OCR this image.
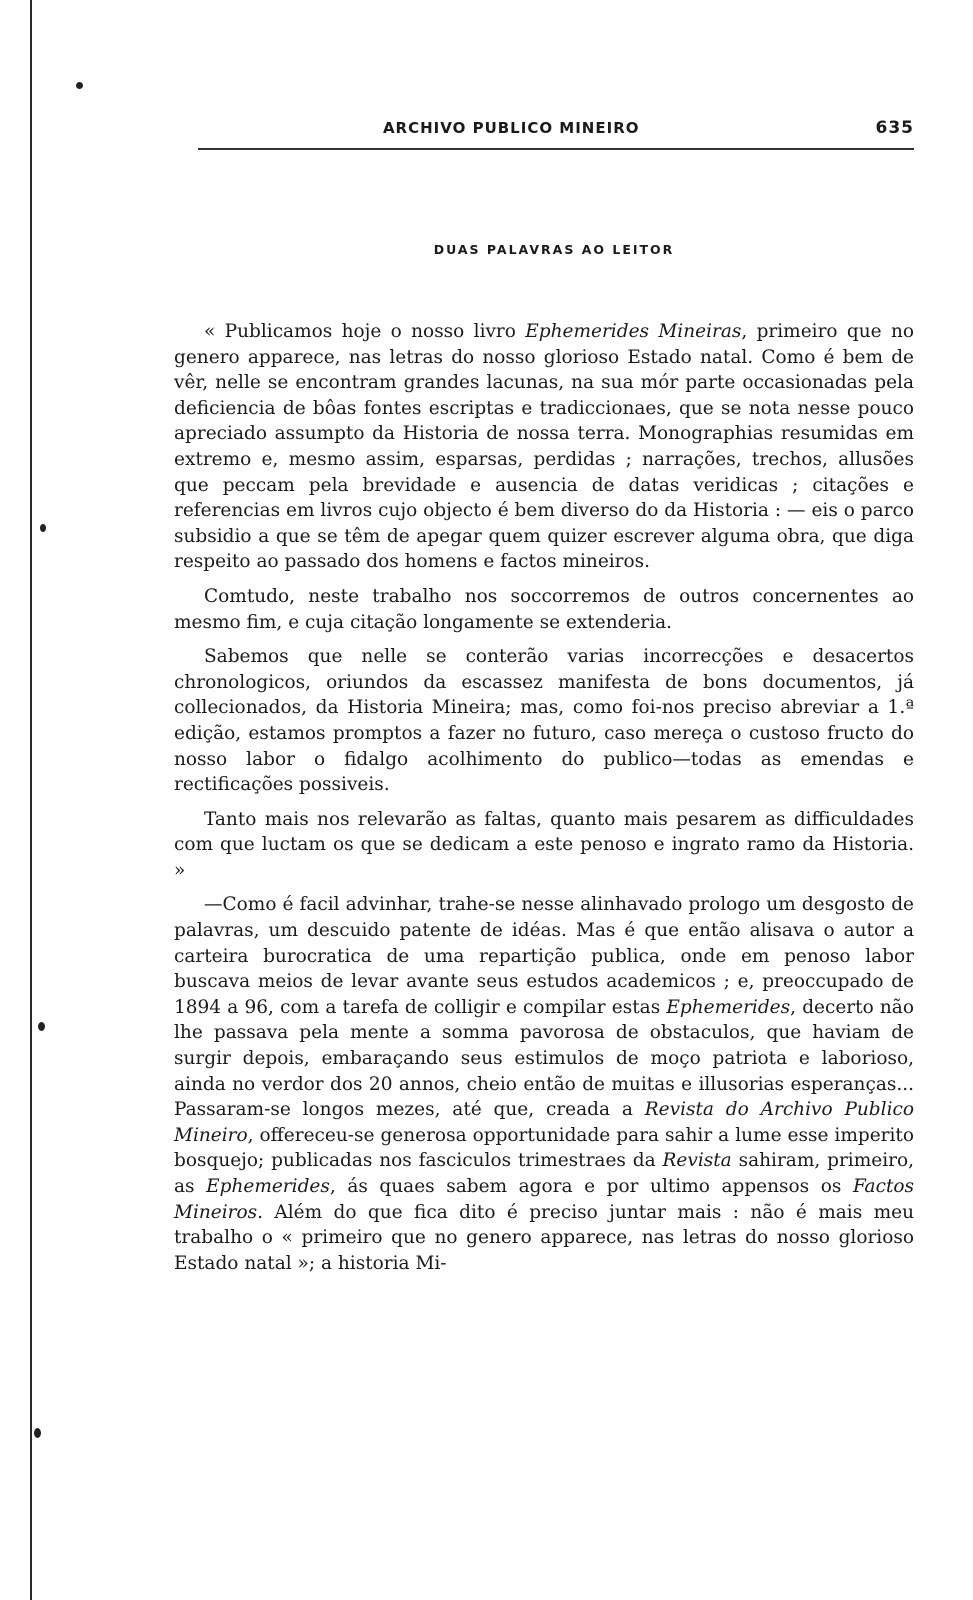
ARCHIVO PUBLICO MINEIRO	635
DUAS PALAVRAS AO LEITOR

« Publicamos hoje o nosso livro Ephemerides Mineiras, primeiro que no genero apparece, nas letras do nosso glorioso Estado natal. Como é bem de vêr, nelle se encontram grandes lacunas, na sua mór parte occasionadas pela deficiencia de bôas fontes escriptas e tradiccionaes, que se nota nesse pouco apreciado assumpto da Historia de nossa terra. Monographias resumidas em extremo e, mesmo assim, esparsas, perdidas ; narrações, trechos, allusões que peccam pela brevidade e ausencia de datas veridicas ; citações e referencias em livros cujo objecto é bem diverso do da Historia : — eis o parco subsidio a que se têm de apegar quem quizer escrever alguma obra, que diga respeito ao passado dos homens e factos mineiros.

Comtudo, neste trabalho nos soccorremos de outros concernentes ao mesmo fim, e cuja citação longamente se extenderia.

Sabemos que nelle se conterão varias incorrecções e desacertos chronologicos, oriundos da escassez manifesta de bons documentos, já collecionados, da Historia Mineira; mas, como foi-nos preciso abreviar a 1.ª edição, estamos promptos a fazer no futuro, caso mereça o custoso fructo do nosso labor o fidalgo acolhimento do publico—todas as emendas e rectificações possiveis.

Tanto mais nos relevarão as faltas, quanto mais pesarem as difficuldades com que luctam os que se dedicam a este penoso e ingrato ramo da Historia. »

—Como é facil advinhar, trahe-se nesse alinhavado prologo um desgosto de palavras, um descuido patente de idéas. Mas é que então alisava o autor a carteira burocratica de uma repartição publica, onde em penoso labor buscava meios de levar avante seus estudos academicos ; e, preoccupado de 1894 a 96, com a tarefa de colligir e compilar estas Ephemerides, decerto não lhe passava pela mente a somma pavorosa de obstaculos, que haviam de surgir depois, embaraçando seus estimulos de moço patriota e laborioso, ainda no verdor dos 20 annos, cheio então de muitas e illusorias esperanças... Passaram-se longos mezes, até que, creada a Revista do Archivo Publico Mineiro, offereceu-se generosa opportunidade para sahir a lume esse imperito bosquejo; publicadas nos fasciculos trimestraes da Revista sahiram, primeiro, as Ephemerides, ás quaes sabem agora e por ultimo appensos os Factos Mineiros. Além do que fica dito é preciso juntar mais : não é mais meu trabalho o « primeiro que no genero apparece, nas letras do nosso glorioso Estado natal »; a historia Mi-
